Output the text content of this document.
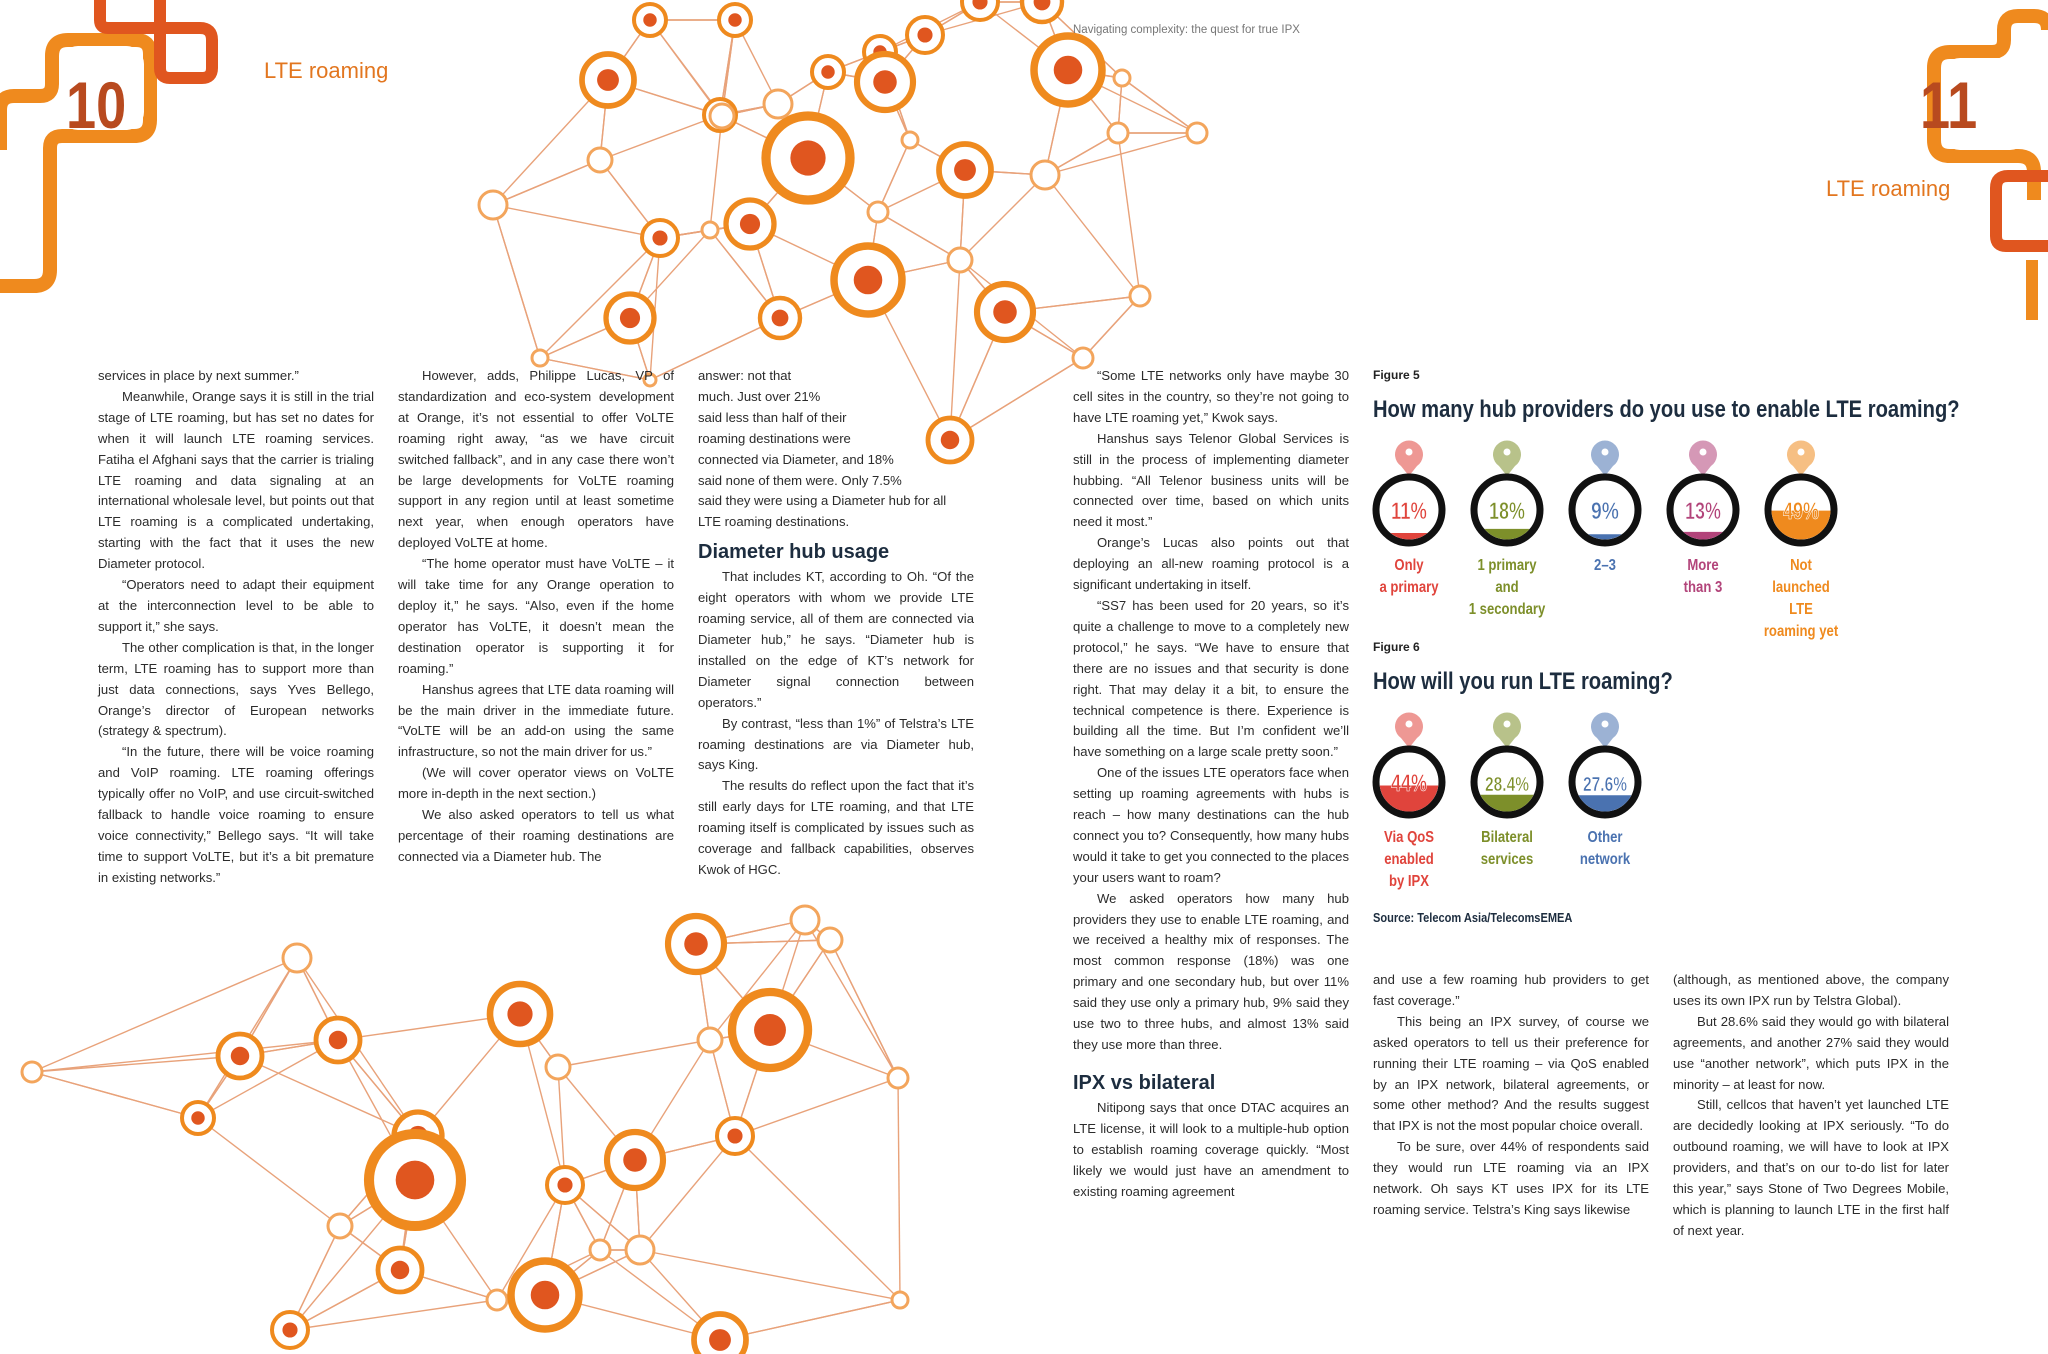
10	11
LTE roaming
LTE roaming
Navigating complexity: the quest for true IPX

services in place by next summer.”

Meanwhile, Orange says it is still in the trial stage of LTE roaming, but has set no dates for when it will launch LTE roaming services. Fatiha el Afghani says that the carrier is trialing LTE roaming and data signaling at an international wholesale level, but points out that LTE roaming is a complicated undertaking, starting with the fact that it uses the new Diameter protocol.

“Operators need to adapt their equipment at the interconnection level to be able to support it,” she says.

The other complication is that, in the longer term, LTE roaming has to support more than just data connections, says Yves Bellego, Orange’s director of European networks (strategy & spectrum).

“In the future, there will be voice roaming and VoIP roaming. LTE roaming offerings typically offer no VoIP, and use circuit-switched fallback to handle voice roaming to ensure voice connectivity,” Bellego says. “It will take time to support VoLTE, but it’s a bit premature in existing networks.”

However, adds, Philippe Lucas, VP of standardization and eco-system development at Orange, it’s not essential to offer VoLTE roaming right away, “as we have circuit switched fallback”, and in any case there won’t be large developments for VoLTE roaming support in any region until at least sometime next year, when enough operators have deployed VoLTE at home.

“The home operator must have VoLTE – it will take time for any Orange operation to deploy it,” he says. “Also, even if the home operator has VoLTE, it doesn’t mean the destination operator is supporting it for roaming.”

Hanshus agrees that LTE data roaming will be the main driver in the immediate future. “VoLTE will be an add-on using the same infrastructure, so not the main driver for us.”

(We will cover operator views on VoLTE more in-depth in the next section.)

We also asked operators to tell us what percentage of their roaming destinations are connected via a Diameter hub. The

answer: not that
much. Just over 21%
said less than half of their
roaming destinations were
connected via Diameter, and 18%
said none of them were. Only 7.5%
said they were using a Diameter hub for all
LTE roaming destinations.
Diameter hub usage

That includes KT, according to Oh. “Of the eight operators with whom we provide LTE roaming service, all of them are connected via Diameter hub,” he says. “Diameter hub is installed on the edge of KT’s network for Diameter signal connection between operators.”

By contrast, “less than 1%” of Telstra’s LTE roaming destinations are via Diameter hub, says King.

The results do reflect upon the fact that it’s still early days for LTE roaming, and that LTE roaming itself is complicated by issues such as coverage and fallback capabilities, observes Kwok of HGC.

“Some LTE networks only have maybe 30 cell sites in the country, so they’re not going to have LTE roaming yet,” Kwok says.

Hanshus says Telenor Global Services is still in the process of implementing diameter hubbing. “All Telenor business units will be connected over time, based on which units need it most.”

Orange’s Lucas also points out that deploying an all-new roaming protocol is a significant undertaking in itself.

“SS7 has been used for 20 years, so it’s quite a challenge to move to a completely new protocol,” he says. “We have to ensure that there are no issues and that security is done right. That may delay it a bit, to ensure the technical competence is there. Experience is building all the time. But I’m confident we’ll have something on a large scale pretty soon.”

One of the issues LTE operators face when setting up roaming agreements with hubs is reach – how many destinations can the hub connect you to? Consequently, how many hubs would it take to get you connected to the places your users want to roam?

We asked operators how many hub providers they use to enable LTE roaming, and we received a healthy mix of responses. The most common response (18%) was one primary and one secondary hub, but over 11% said they use only a primary hub, 9% said they use two to three hubs, and almost 13% said they use more than three.

IPX vs bilateral

Nitipong says that once DTAC acquires an LTE license, it will look to a multiple-hub option to establish roaming coverage quickly. “Most likely we would just have an amendment to existing roaming agreement

and use a few roaming hub providers to get fast coverage.”

This being an IPX survey, of course we asked operators to tell us their preference for running their LTE roaming – via QoS enabled by an IPX network, bilateral agreements, or some other method? And the results suggest that IPX is not the most popular choice overall.

To be sure, over 44% of respondents said they would run LTE roaming via an IPX network. Oh says KT uses IPX for its LTE roaming service. Telstra’s King says likewise

(although, as mentioned above, the company uses its own IPX run by Telstra Global).

But 28.6% said they would go with bilateral agreements, and another 27% said they would use “another network”, which puts IPX in the minority – at least for now.

Still, cellcos that haven’t yet launched LTE are decidedly looking at IPX seriously. “To do outbound roaming, we will have to look at IPX providers, and that’s on our to-do list for later this year,” says Stone of Two Degrees Mobile, which is planning to launch LTE in the first half of next year.

Figure 5
How many hub providers do you use to enable LTE roaming?
11%
Only
a primary
18%
1 primary and
1 secondary
9%
2–3
13%
More
than 3
49%
Not
launched LTE
roaming yet
Figure 6
How will you run LTE roaming?
44%
Via QoS
enabled
by IPX
28.4%
Bilateral
services
27.6%
Other
network
Source: Telecom Asia/TelecomsEMEA
